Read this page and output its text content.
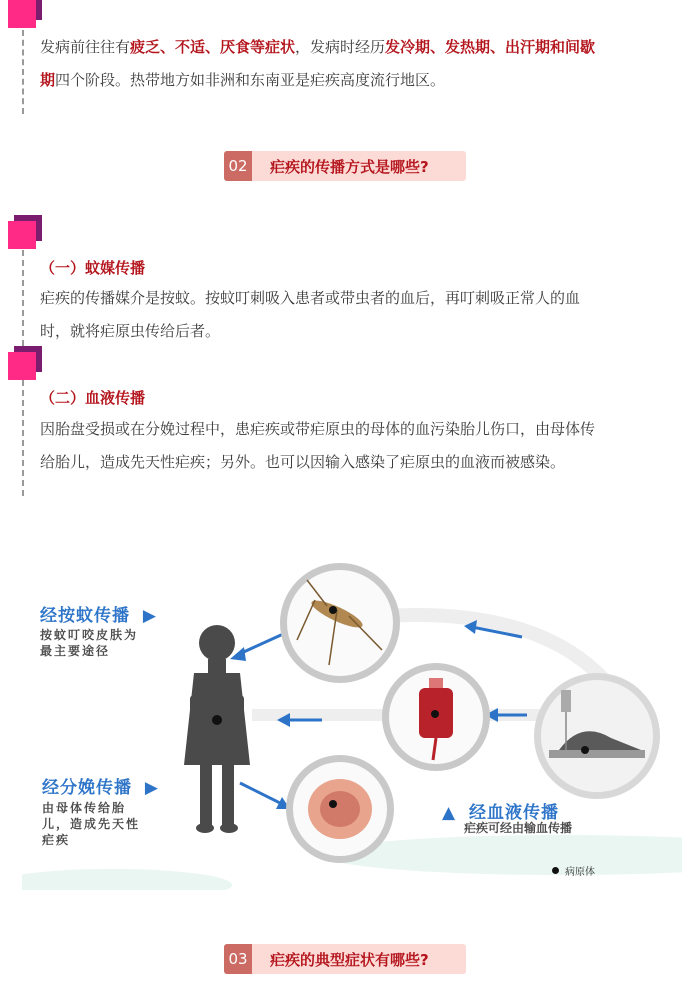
发病前往往有疲乏、不适、厌食等症状，发病时经历发冷期、发热期、出汗期和间歇
期四个阶段。热带地方如非洲和东南亚是疟疾高度流行地区。
02 疟疾的传播方式是哪些?
（一）蚊媒传播
疟疾的传播媒介是按蚊。按蚊叮刺吸入患者或带虫者的血后，再叮刺吸正常人的血
时，就将疟原虫传给后者。
（二）血液传播
因胎盘受损或在分娩过程中，患疟疾或带疟原虫的母体的血污染胎儿伤口，由母体传
给胎儿，造成先天性疟疾；另外。也可以因输入感染了疟原虫的血液而被感染。
经按蚊传播 ▶
按蚊叮咬皮肤为
最主要途径
经分娩传播 ▶
由母体传给胎
儿，造成先天性
疟疾
▲ 经血液传播
疟疾可经由输血传播
病原体
03 疟疾的典型症状有哪些?
